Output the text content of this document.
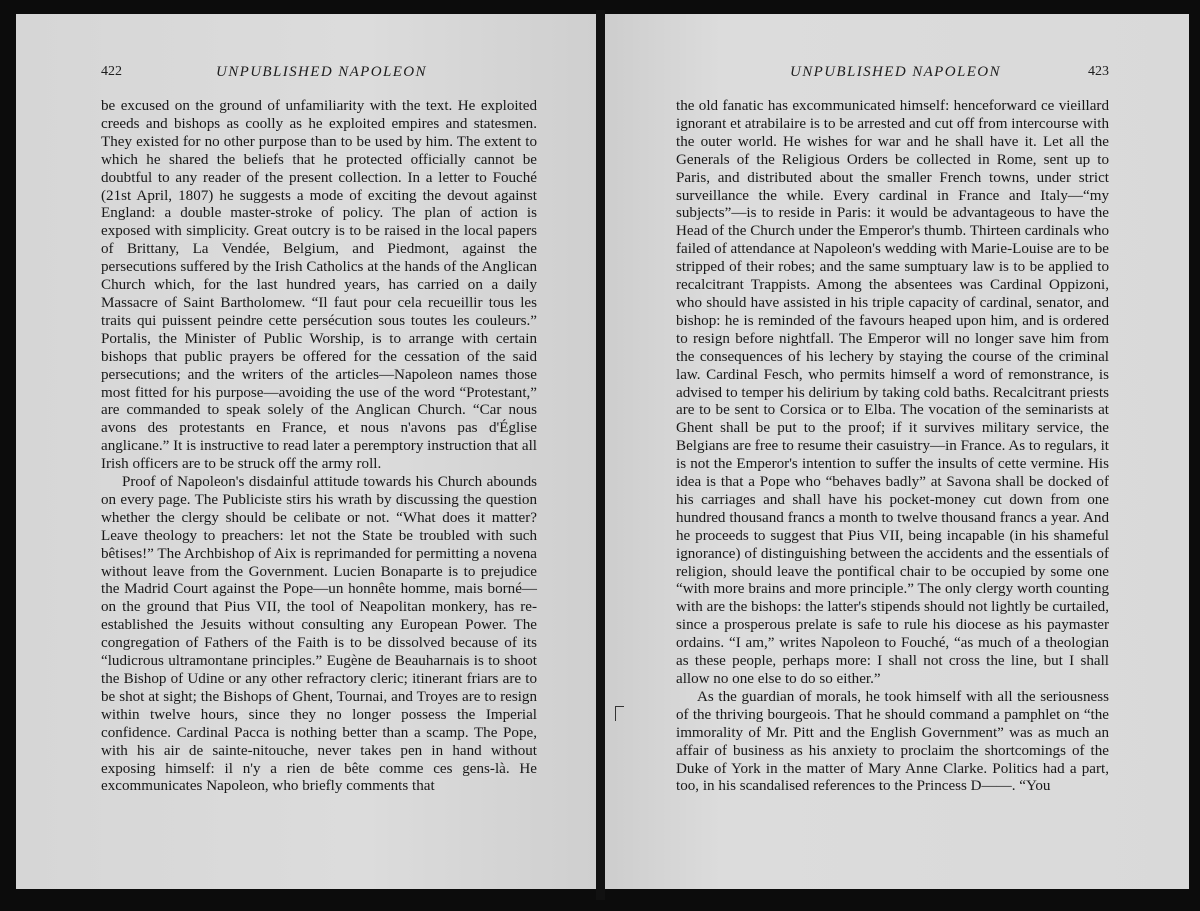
422	UNPUBLISHED NAPOLEON

be excused on the ground of unfamiliarity with the text. He exploited creeds and bishops as coolly as he exploited empires and statesmen. They existed for no other purpose than to be used by him. The extent to which he shared the beliefs that he protected officially cannot be doubtful to any reader of the present collection. In a letter to Fouché (21st April, 1807) he suggests a mode of exciting the devout against England: a double master-stroke of policy. The plan of action is exposed with simplicity. Great outcry is to be raised in the local papers of Brittany, La Vendée, Belgium, and Piedmont, against the persecutions suffered by the Irish Catholics at the hands of the Anglican Church which, for the last hundred years, has carried on a daily Massacre of Saint Bartholomew. “Il faut pour cela recueillir tous les traits qui puissent peindre cette persécution sous toutes les couleurs.” Portalis, the Minister of Public Worship, is to arrange with certain bishops that public prayers be offered for the cessation of the said persecutions; and the writers of the articles—Napoleon names those most fitted for his purpose—avoiding the use of the word “Protestant,” are commanded to speak solely of the Anglican Church. “Car nous avons des protestants en France, et nous n'avons pas d'Église anglicane.” It is instructive to read later a peremptory instruction that all Irish officers are to be struck off the army roll.

Proof of Napoleon's disdainful attitude towards his Church abounds on every page. The Publiciste stirs his wrath by discussing the question whether the clergy should be celibate or not. “What does it matter? Leave theology to preachers: let not the State be troubled with such bêtises!” The Archbishop of Aix is reprimanded for permitting a novena without leave from the Government. Lucien Bonaparte is to prejudice the Madrid Court against the Pope—un honnête homme, mais borné—on the ground that Pius VII, the tool of Neapolitan monkery, has re-established the Jesuits without consulting any European Power. The congregation of Fathers of the Faith is to be dissolved because of its “ludicrous ultramontane principles.” Eugène de Beauharnais is to shoot the Bishop of Udine or any other refractory cleric; itinerant friars are to be shot at sight; the Bishops of Ghent, Tournai, and Troyes are to resign within twelve hours, since they no longer possess the Imperial confidence. Cardinal Pacca is nothing better than a scamp. The Pope, with his air de sainte-nitouche, never takes pen in hand without exposing himself: il n'y a rien de bête comme ces gens-là. He excommunicates Napoleon, who briefly comments that

UNPUBLISHED NAPOLEON	423

the old fanatic has excommunicated himself: henceforward ce vieillard ignorant et atrabilaire is to be arrested and cut off from intercourse with the outer world. He wishes for war and he shall have it. Let all the Generals of the Religious Orders be collected in Rome, sent up to Paris, and distributed about the smaller French towns, under strict surveillance the while. Every cardinal in France and Italy—“my subjects”—is to reside in Paris: it would be advantageous to have the Head of the Church under the Emperor's thumb. Thirteen cardinals who failed of attendance at Napoleon's wedding with Marie-Louise are to be stripped of their robes; and the same sumptuary law is to be applied to recalcitrant Trappists. Among the absentees was Cardinal Oppizoni, who should have assisted in his triple capacity of cardinal, senator, and bishop: he is reminded of the favours heaped upon him, and is ordered to resign before nightfall. The Emperor will no longer save him from the consequences of his lechery by staying the course of the criminal law. Cardinal Fesch, who permits himself a word of remonstrance, is advised to temper his delirium by taking cold baths. Recalcitrant priests are to be sent to Corsica or to Elba. The vocation of the seminarists at Ghent shall be put to the proof; if it survives military service, the Belgians are free to resume their casuistry—in France. As to regulars, it is not the Emperor's intention to suffer the insults of cette vermine. His idea is that a Pope who “behaves badly” at Savona shall be docked of his carriages and shall have his pocket-money cut down from one hundred thousand francs a month to twelve thousand francs a year. And he proceeds to suggest that Pius VII, being incapable (in his shameful ignorance) of distinguishing between the accidents and the essentials of religion, should leave the pontifical chair to be occupied by some one “with more brains and more principle.” The only clergy worth counting with are the bishops: the latter's stipends should not lightly be curtailed, since a prosperous prelate is safe to rule his diocese as his paymaster ordains. “I am,” writes Napoleon to Fouché, “as much of a theologian as these people, perhaps more: I shall not cross the line, but I shall allow no one else to do so either.”

As the guardian of morals, he took himself with all the seriousness of the thriving bourgeois. That he should command a pamphlet on “the immorality of Mr. Pitt and the English Government” was as much an affair of business as his anxiety to proclaim the shortcomings of the Duke of York in the matter of Mary Anne Clarke. Politics had a part, too, in his scandalised references to the Princess D——. “You
